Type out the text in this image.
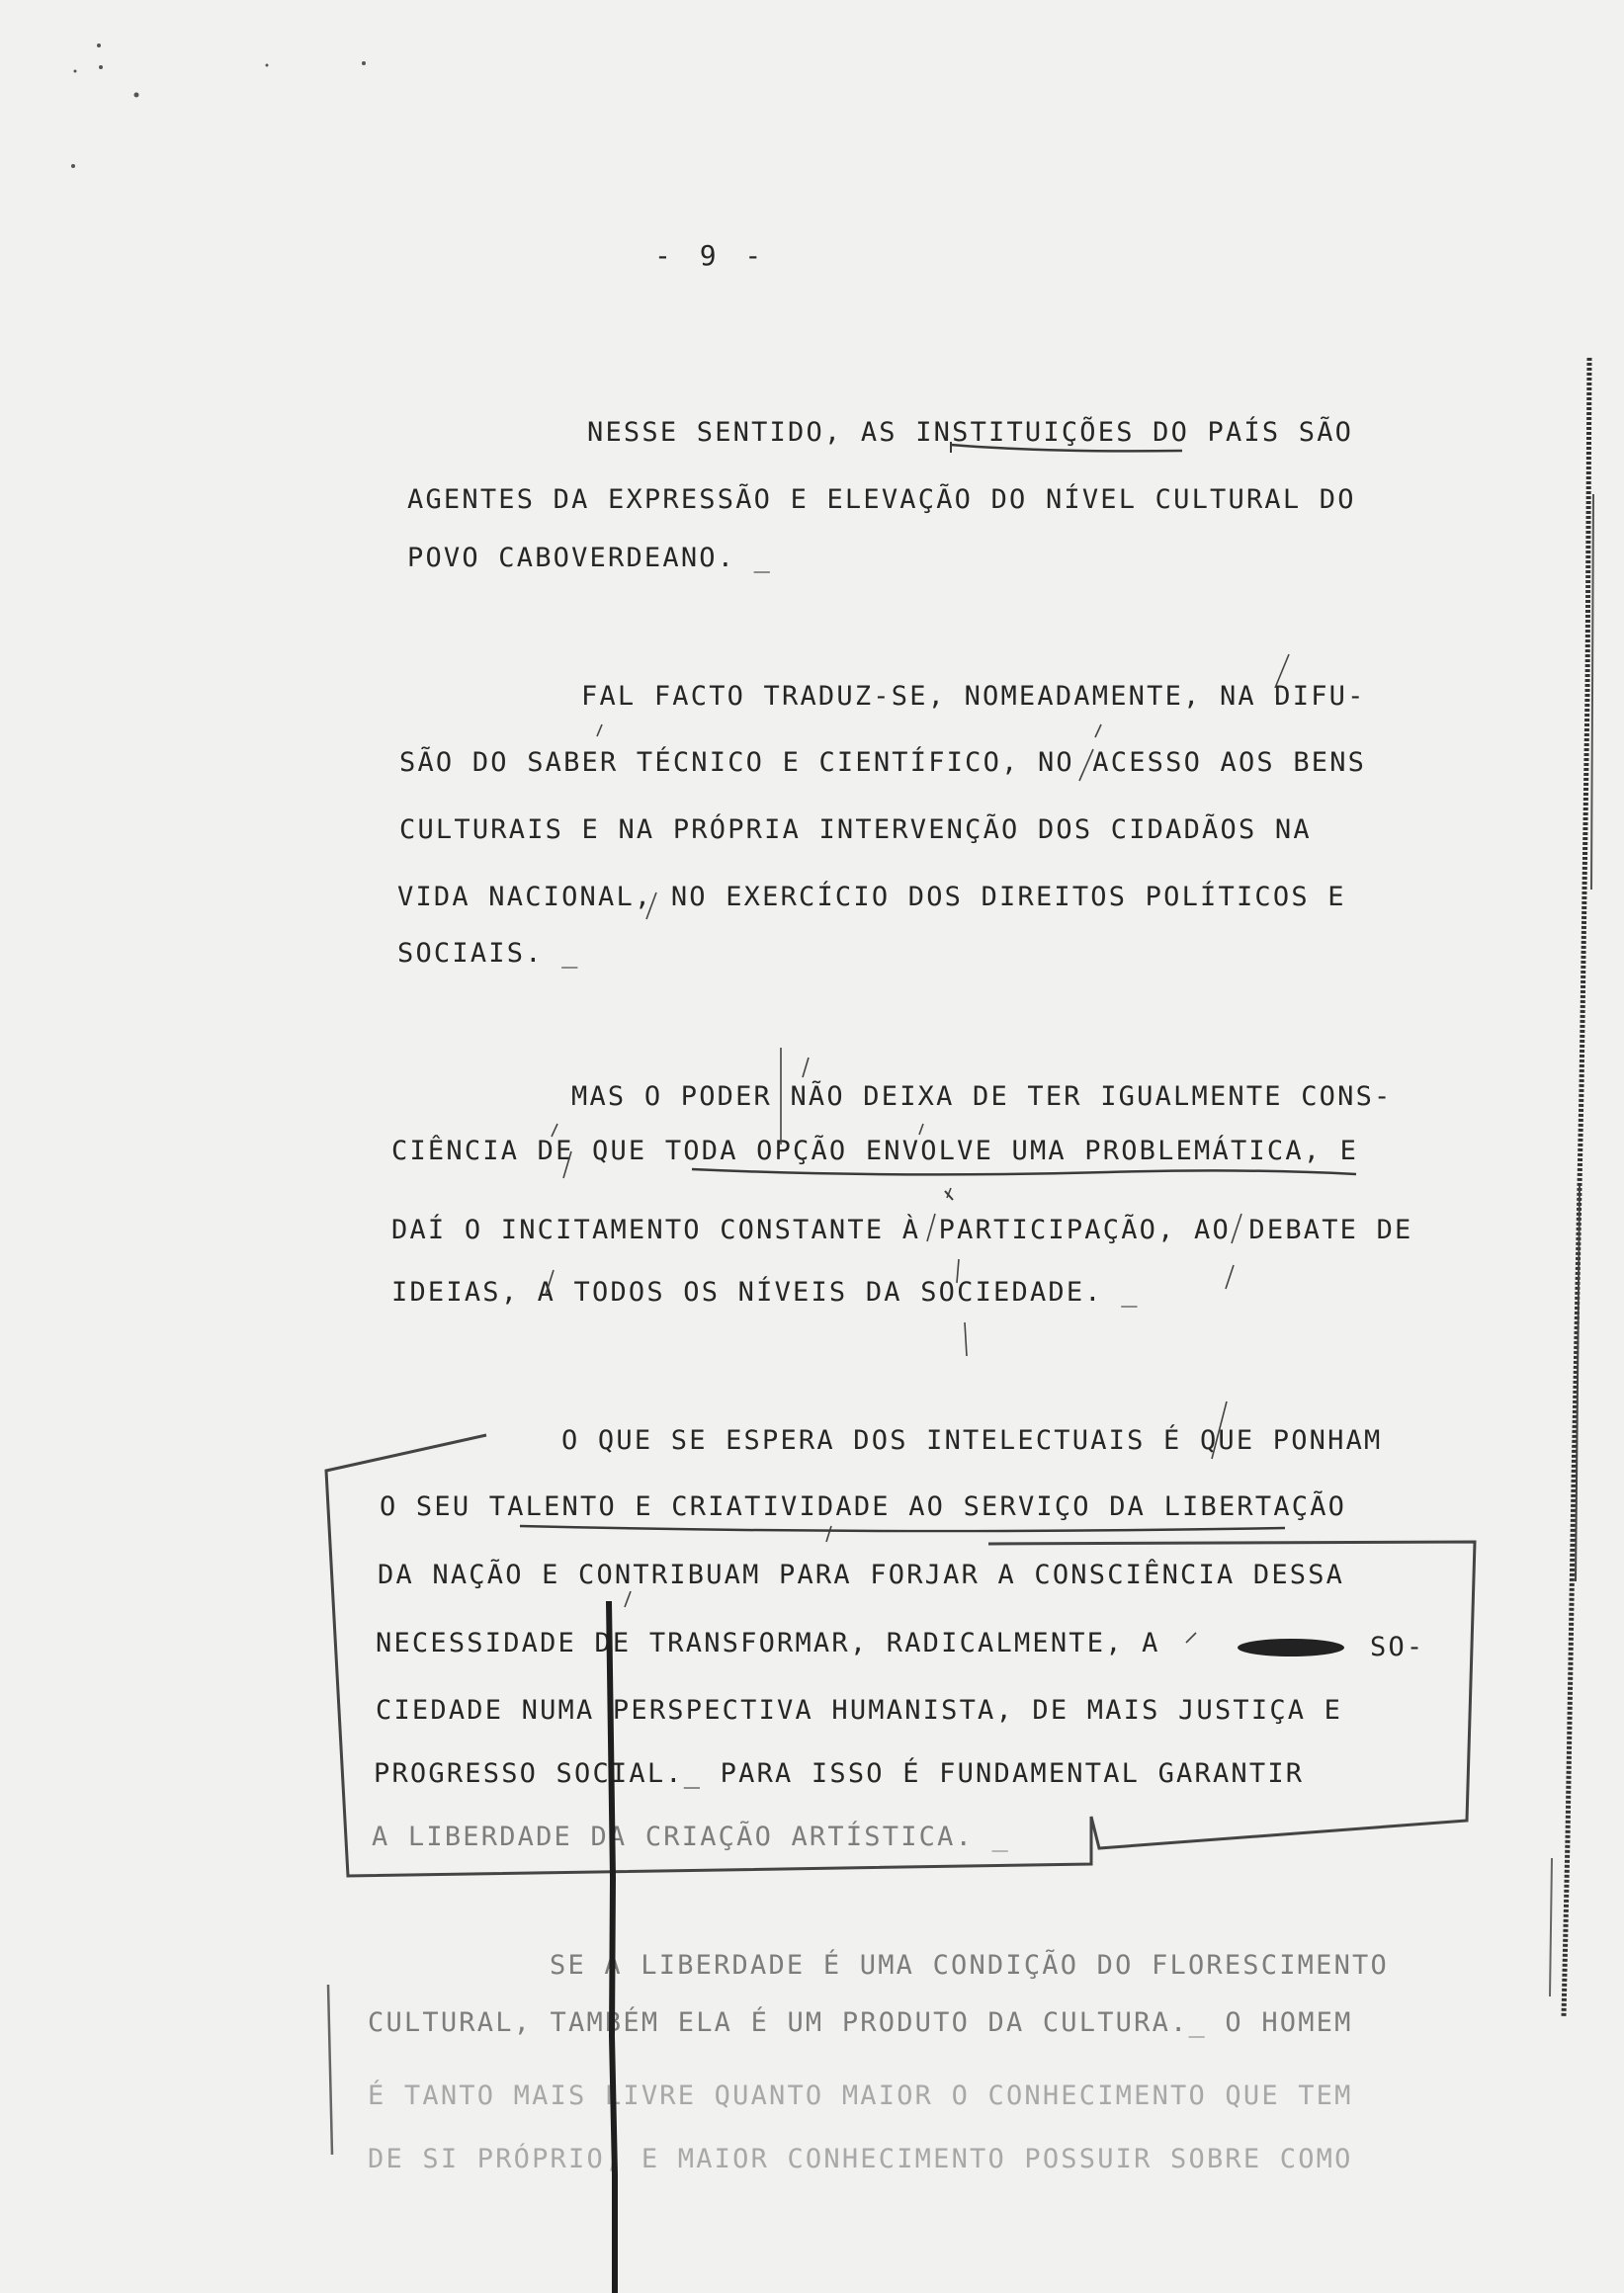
- 9 -
NESSE SENTIDO, AS INSTITUIÇÕES DO PAÍS SÃO
AGENTES DA EXPRESSÃO E ELEVAÇÃO DO NÍVEL CULTURAL DO
POVO CABOVERDEANO. _
FAL FACTO TRADUZ-SE, NOMEADAMENTE, NA DIFU-
SÃO DO SABER TÉCNICO E CIENTÍFICO, NO ACESSO AOS BENS
CULTURAIS E NA PRÓPRIA INTERVENÇÃO DOS CIDADÃOS NA
VIDA NACIONAL, NO EXERCÍCIO DOS DIREITOS POLÍTICOS E
SOCIAIS. _
MAS O PODER NÃO DEIXA DE TER IGUALMENTE CONS-
CIÊNCIA DE QUE TODA OPÇÃO ENVOLVE UMA PROBLEMÁTICA, E
DAÍ O INCITAMENTO CONSTANTE À PARTICIPAÇÃO, AO DEBATE DE
IDEIAS, A TODOS OS NÍVEIS DA SOCIEDADE. _
O QUE SE ESPERA DOS INTELECTUAIS É QUE PONHAM
O SEU TALENTO E CRIATIVIDADE AO SERVIÇO DA LIBERTAÇÃO
DA NAÇÃO E CONTRIBUAM PARA FORJAR A CONSCIÊNCIA DESSA
NECESSIDADE DE TRANSFORMAR, RADICALMENTE, A	SO-
CIEDADE NUMA PERSPECTIVA HUMANISTA, DE MAIS JUSTIÇA E
PROGRESSO SOCIAL._ PARA ISSO É FUNDAMENTAL GARANTIR
A LIBERDADE DA CRIAÇÃO ARTÍSTICA. _
SE A LIBERDADE É UMA CONDIÇÃO DO FLORESCIMENTO
CULTURAL, TAMBÉM ELA É UM PRODUTO DA CULTURA._ O HOMEM
É TANTO MAIS LIVRE QUANTO MAIOR O CONHECIMENTO QUE TEM
DE SI PRÓPRIO, E MAIOR CONHECIMENTO POSSUIR SOBRE COMO
